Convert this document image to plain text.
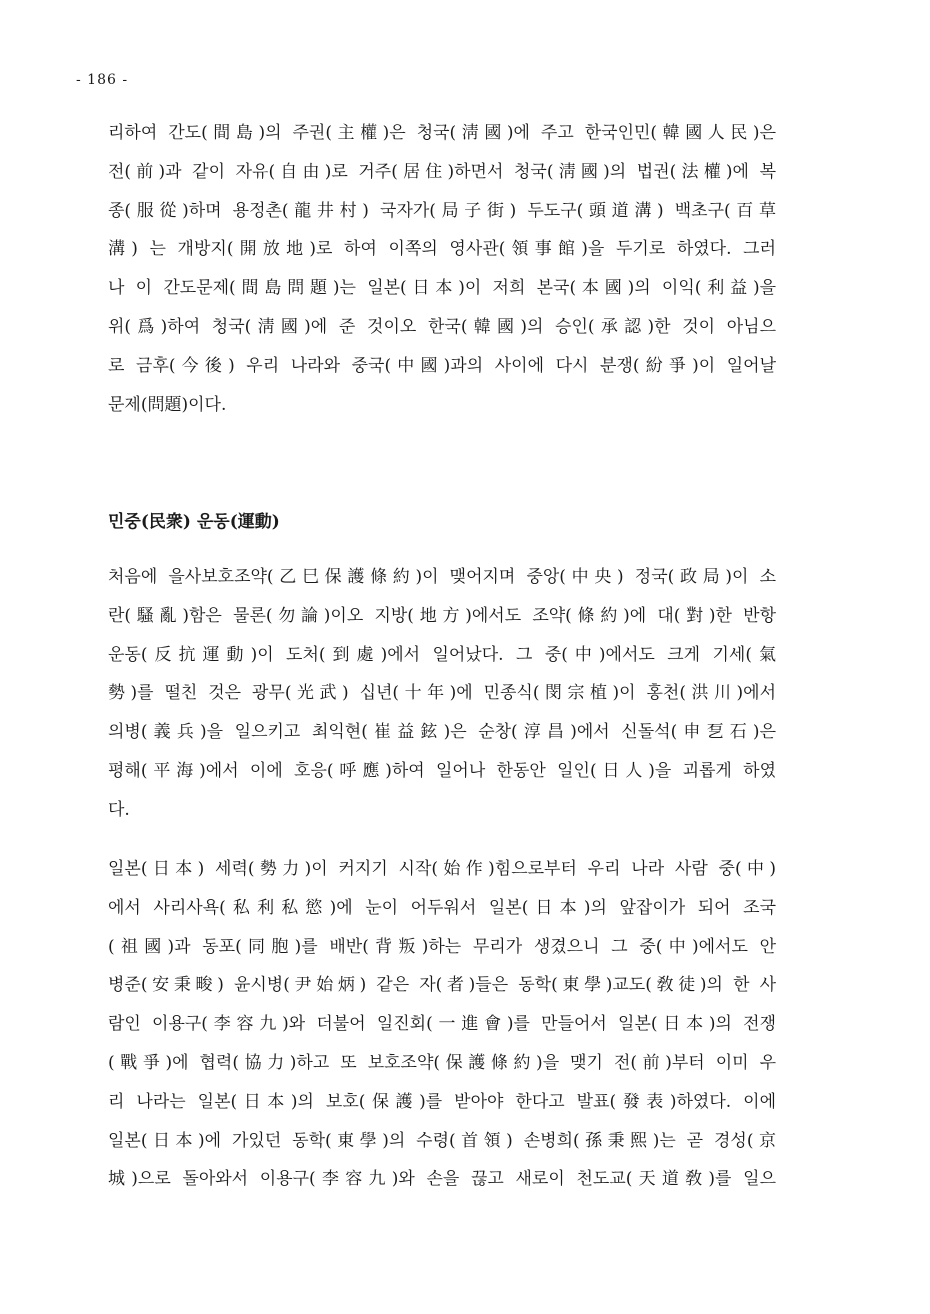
- 186 -
리하여 간도(間島)의 주권(主權)은 청국(淸國)에 주고 한국인민(韓國人民)은
전(前)과 같이 자유(自由)로 거주(居住)하면서 청국(淸國)의 법권(法權)에 복
종(服從)하며 용정촌(龍井村) 국자가(局子街) 두도구(頭道溝) 백초구(百草
溝) 는 개방지(開放地)로 하여 이쪽의 영사관(領事館)을 두기로 하였다. 그러
나 이 간도문제(間島問題)는 일본(日本)이 저희 본국(本國)의 이익(利益)을
위(爲)하여 청국(淸國)에 준 것이오 한국(韓國)의 승인(承認)한 것이 아님으
로 금후(今後) 우리 나라와 중국(中國)과의 사이에 다시 분쟁(紛爭)이 일어날
문제(問題)이다.
민중(民衆) 운동(運動)
처음에 을사보호조약(乙巳保護條約)이 맺어지며 중앙(中央) 정국(政局)이 소
란(騷亂)함은 물론(勿論)이오 지방(地方)에서도 조약(條約)에 대(對)한 반항
운동(反抗運動)이 도처(到處)에서 일어났다. 그 중(中)에서도 크게 기세(氣
勢)를 떨친 것은 광무(光武) 십년(十年)에 민종식(閔宗植)이 홍천(洪川)에서
의병(義兵)을 일으키고 최익현(崔益鉉)은 순창(淳昌)에서 신돌석(申乭石)은
평해(平海)에서 이에 호응(呼應)하여 일어나 한동안 일인(日人)을 괴롭게 하였
다.
일본(日本) 세력(勢力)이 커지기 시작(始作)힘으로부터 우리 나라 사람 중(中)
에서 사리사욕(私利私慾)에 눈이 어두워서 일본(日本)의 앞잡이가 되어 조국
(祖國)과 동포(同胞)를 배반(背叛)하는 무리가 생겼으니 그 중(中)에서도 안
병준(安秉畯) 윤시병(尹始炳) 같은 자(者)들은 동학(東學)교도(敎徒)의 한 사
람인 이용구(李容九)와 더불어 일진회(一進會)를 만들어서 일본(日本)의 전쟁
(戰爭)에 협력(協力)하고 또 보호조약(保護條約)을 맺기 전(前)부터 이미 우
리 나라는 일본(日本)의 보호(保護)를 받아야 한다고 발표(發表)하였다. 이에
일본(日本)에 가있던 동학(東學)의 수령(首領) 손병희(孫秉熙)는 곧 경성(京
城)으로 돌아와서 이용구(李容九)와 손을 끊고 새로이 천도교(天道敎)를 일으
